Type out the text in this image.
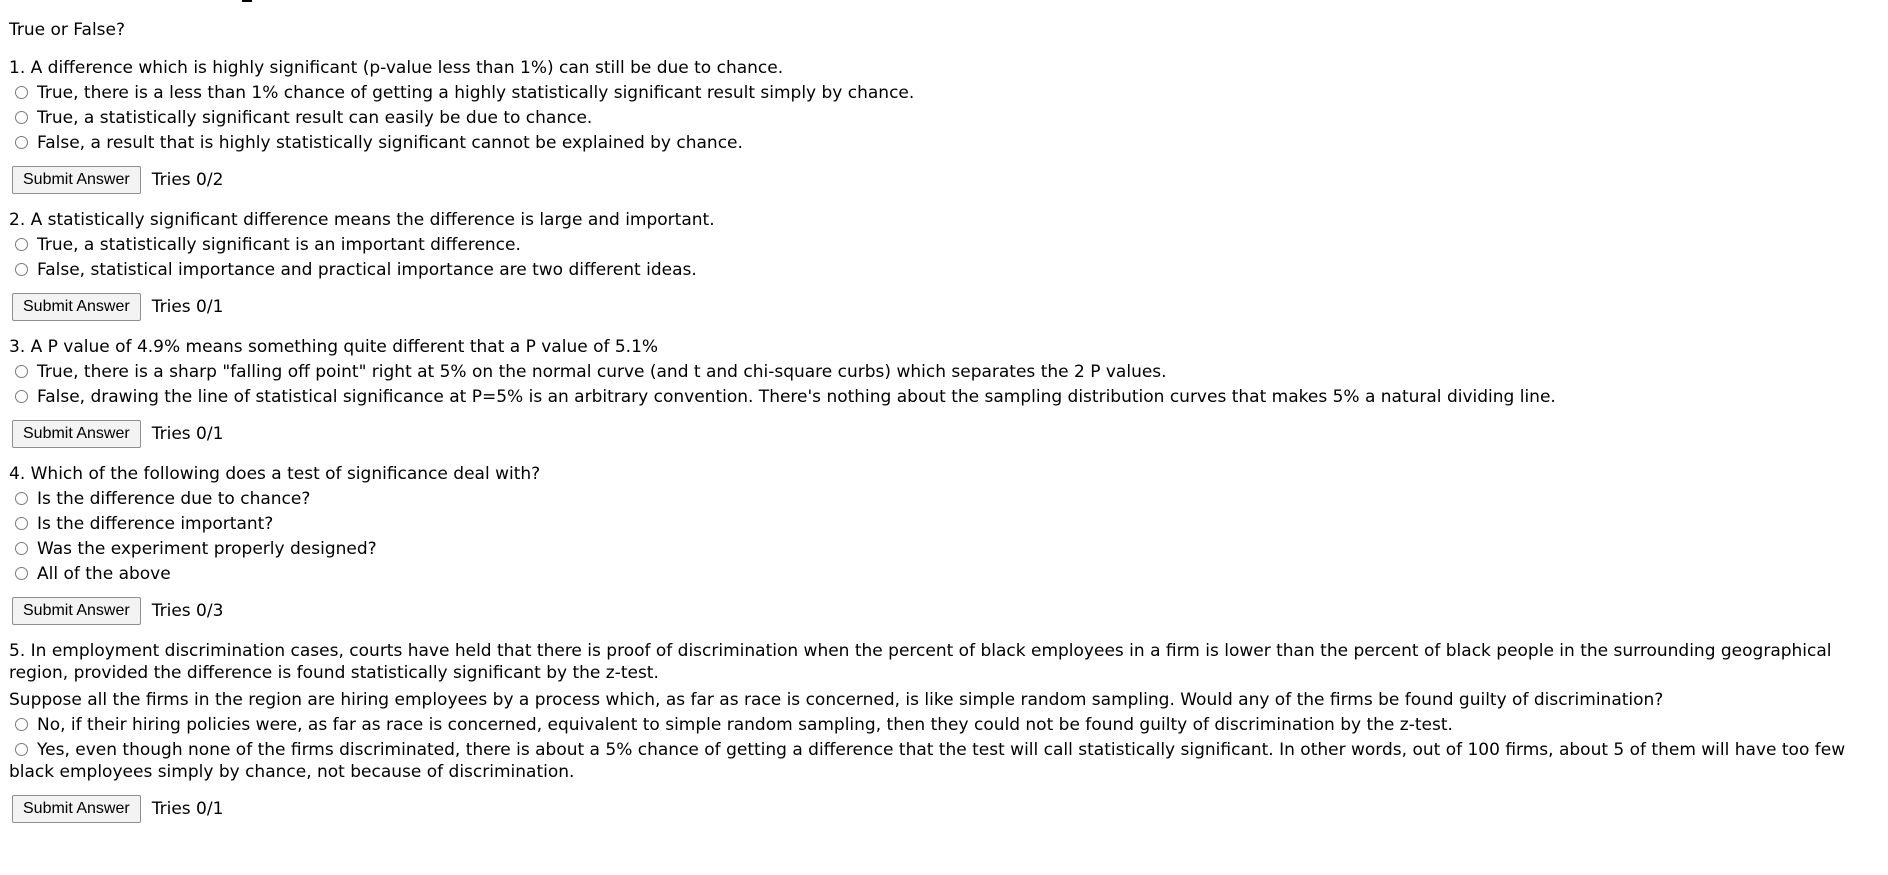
True or False?
1. A difference which is highly significant (p-value less than 1%) can still be due to chance.
True, there is a less than 1% chance of getting a highly statistically significant result simply by chance.
True, a statistically significant result can easily be due to chance.
False, a result that is highly statistically significant cannot be explained by chance.
Submit Answer	Tries 0/2
2. A statistically significant difference means the difference is large and important.
True, a statistically significant is an important difference.
False, statistical importance and practical importance are two different ideas.
Submit Answer	Tries 0/1
3. A P value of 4.9% means something quite different that a P value of 5.1%
True, there is a sharp "falling off point" right at 5% on the normal curve (and t and chi-square curbs) which separates the 2 P values.
False, drawing the line of statistical significance at P=5% is an arbitrary convention. There's nothing about the sampling distribution curves that makes 5% a natural dividing line.
Submit Answer	Tries 0/1
4. Which of the following does a test of significance deal with?
Is the difference due to chance?
Is the difference important?
Was the experiment properly designed?
All of the above
Submit Answer	Tries 0/3
5. In employment discrimination cases, courts have held that there is proof of discrimination when the percent of black employees in a firm is lower than the percent of black people in the surrounding geographical region, provided the difference is found statistically significant by the z-test.
Suppose all the firms in the region are hiring employees by a process which, as far as race is concerned, is like simple random sampling. Would any of the firms be found guilty of discrimination?
No, if their hiring policies were, as far as race is concerned, equivalent to simple random sampling, then they could not be found guilty of discrimination by the z-test.
Yes, even though none of the firms discriminated, there is about a 5% chance of getting a difference that the test will call statistically significant. In other words, out of 100 firms, about 5 of them will have too few black employees simply by chance, not because of discrimination.
Submit Answer	Tries 0/1
